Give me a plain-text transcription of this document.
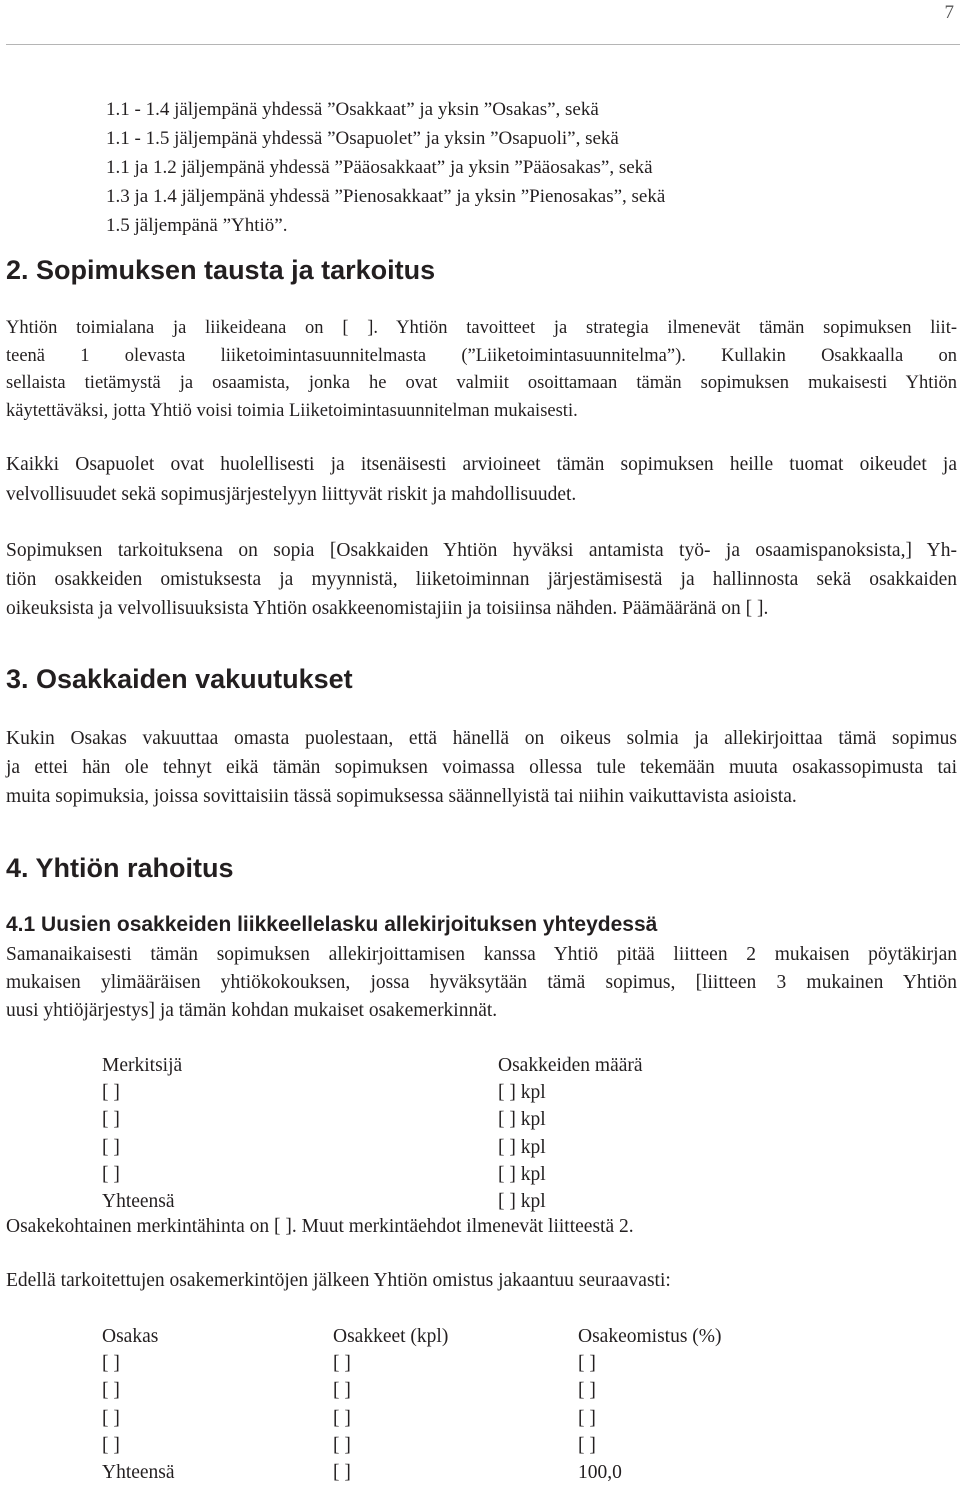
7
1.1 - 1.4 jäljempänä yhdessä ”Osakkaat” ja yksin ”Osakas”, sekä
1.1 - 1.5 jäljempänä yhdessä ”Osapuolet” ja yksin ”Osapuoli”, sekä
1.1 ja 1.2 jäljempänä yhdessä ”Pääosakkaat” ja yksin ”Pääosakas”, sekä
1.3 ja 1.4 jäljempänä yhdessä ”Pienosakkaat” ja yksin ”Pienosakas”, sekä
1.5 jäljempänä ”Yhtiö”.
2. Sopimuksen tausta ja tarkoitus
Yhtiön toimialana ja liikeideana on [ ]. Yhtiön tavoitteet ja strategia ilmenevät tämän sopimuksen liit-
teenä 1 olevasta liiketoimintasuunnitelmasta (”Liiketoimintasuunnitelma”). Kullakin Osakkaalla on
sellaista tietämystä ja osaamista, jonka he ovat valmiit osoittamaan tämän sopimuksen mukaisesti Yhtiön
käytettäväksi, jotta Yhtiö voisi toimia Liiketoimintasuunnitelman mukaisesti.
Kaikki Osapuolet ovat huolellisesti ja itsenäisesti arvioineet tämän sopimuksen heille tuomat oikeudet ja
velvollisuudet sekä sopimusjärjestelyyn liittyvät riskit ja mahdollisuudet.
Sopimuksen tarkoituksena on sopia [Osakkaiden Yhtiön hyväksi antamista työ- ja osaamispanoksista,] Yh-
tiön osakkeiden omistuksesta ja myynnistä, liiketoiminnan järjestämisestä ja hallinnosta sekä osakkaiden
oikeuksista ja velvollisuuksista Yhtiön osakkeenomistajiin ja toisiinsa nähden. Päämääränä on [ ].
3. Osakkaiden vakuutukset
Kukin Osakas vakuuttaa omasta puolestaan, että hänellä on oikeus solmia ja allekirjoittaa tämä sopimus
ja ettei hän ole tehnyt eikä tämän sopimuksen voimassa ollessa tule tekemään muuta osakassopimusta tai
muita sopimuksia, joissa sovittaisiin tässä sopimuksessa säännellyistä tai niihin vaikuttavista asioista.
4. Yhtiön rahoitus
4.1 Uusien osakkeiden liikkeellelasku allekirjoituksen yhteydessä
Samanaikaisesti tämän sopimuksen allekirjoittamisen kanssa Yhtiö pitää liitteen 2 mukaisen pöytäkirjan
mukaisen ylimääräisen yhtiökokouksen, jossa hyväksytään tämä sopimus, [liitteen 3 mukainen Yhtiön
uusi yhtiöjärjestys] ja tämän kohdan mukaiset osakemerkinnät.
Merkitsijä	Osakkeiden määrä
[ ]	[ ] kpl
[ ]	[ ] kpl
[ ]	[ ] kpl
[ ]	[ ] kpl
Yhteensä	[ ] kpl

Osakekohtainen merkintähinta on [ ]. Muut merkintäehdot ilmenevät liitteestä 2.

Edellä tarkoitettujen osakemerkintöjen jälkeen Yhtiön omistus jakaantuu seuraavasti:

Osakas	Osakkeet (kpl)	Osakeomistus (%)
[ ]	[ ]	[ ]
[ ]	[ ]	[ ]
[ ]	[ ]	[ ]
[ ]	[ ]	[ ]
Yhteensä	[ ]	100,0
